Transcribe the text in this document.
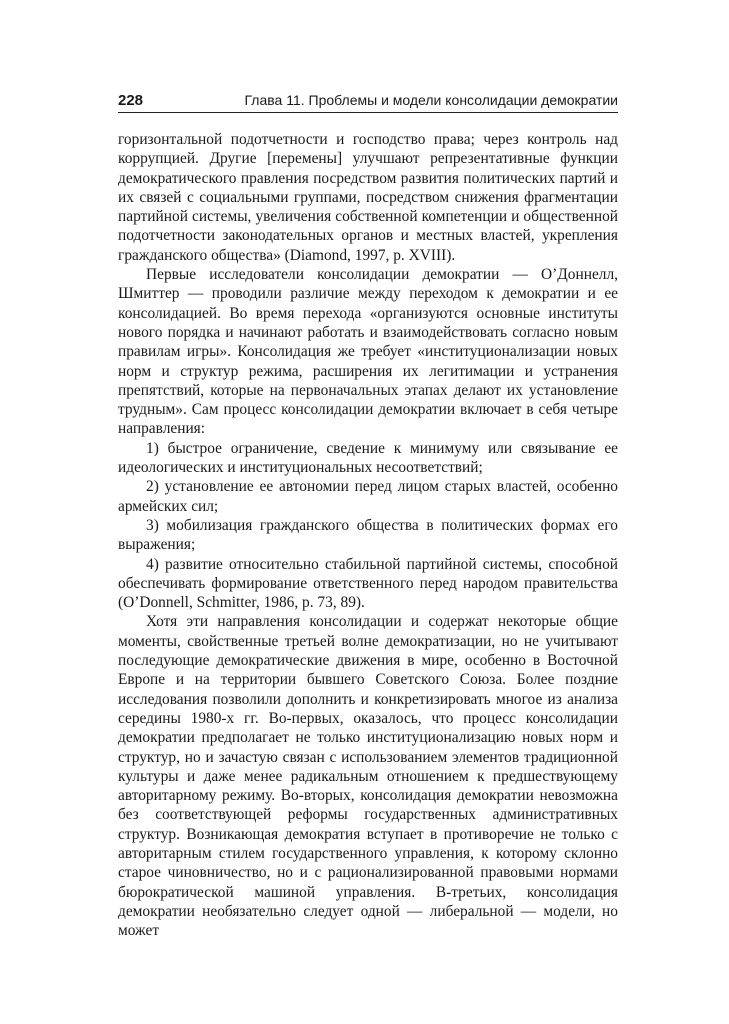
228	Глава 11. Проблемы и модели консолидации демократии

горизонтальной подотчетности и господство права; через контроль над коррупцией. Другие [перемены] улучшают репрезентативные функции демократического правления посредством развития политических партий и их связей с социальными группами, посредством снижения фрагментации партийной системы, увеличения собственной компетенции и общественной подотчетности законодательных органов и местных властей, укрепления гражданского общества» (Diamond, 1997, p. XVIII).

Первые исследователи консолидации демократии — О’Доннелл, Шмиттер — проводили различие между переходом к демократии и ее консолидацией. Во время перехода «организуются основные институты нового порядка и начинают работать и взаимодействовать согласно новым правилам игры». Консолидация же требует «институционализации новых норм и структур режима, расширения их легитимации и устранения препятствий, которые на первоначальных этапах делают их установление трудным». Сам процесс консолидации демократии включает в себя четыре направления:

1) быстрое ограничение, сведение к минимуму или связывание ее идеологических и институциональных несоответствий;

2) установление ее автономии перед лицом старых властей, особенно армейских сил;

3) мобилизация гражданского общества в политических формах его выражения;

4) развитие относительно стабильной партийной системы, способной обеспечивать формирование ответственного перед народом правительства (O’Donnell, Schmitter, 1986, p. 73, 89).

Хотя эти направления консолидации и содержат некоторые общие моменты, свойственные третьей волне демократизации, но не учитывают последующие демократические движения в мире, особенно в Восточной Европе и на территории бывшего Советского Союза. Более поздние исследования позволили дополнить и конкретизировать многое из анализа середины 1980-х гг. Во-первых, оказалось, что процесс консолидации демократии предполагает не только институционализацию новых норм и структур, но и зачастую связан с использованием элементов традиционной культуры и даже менее радикальным отношением к предшествующему авторитарному режиму. Во-вторых, консолидация демократии невозможна без соответствующей реформы государственных административных структур. Возникающая демократия вступает в противоречие не только с авторитарным стилем государственного управления, к которому склонно старое чиновничество, но и с рационализированной правовыми нормами бюрократической машиной управления. В-третьих, консолидация демократии необязательно следует одной — либеральной — модели, но может
